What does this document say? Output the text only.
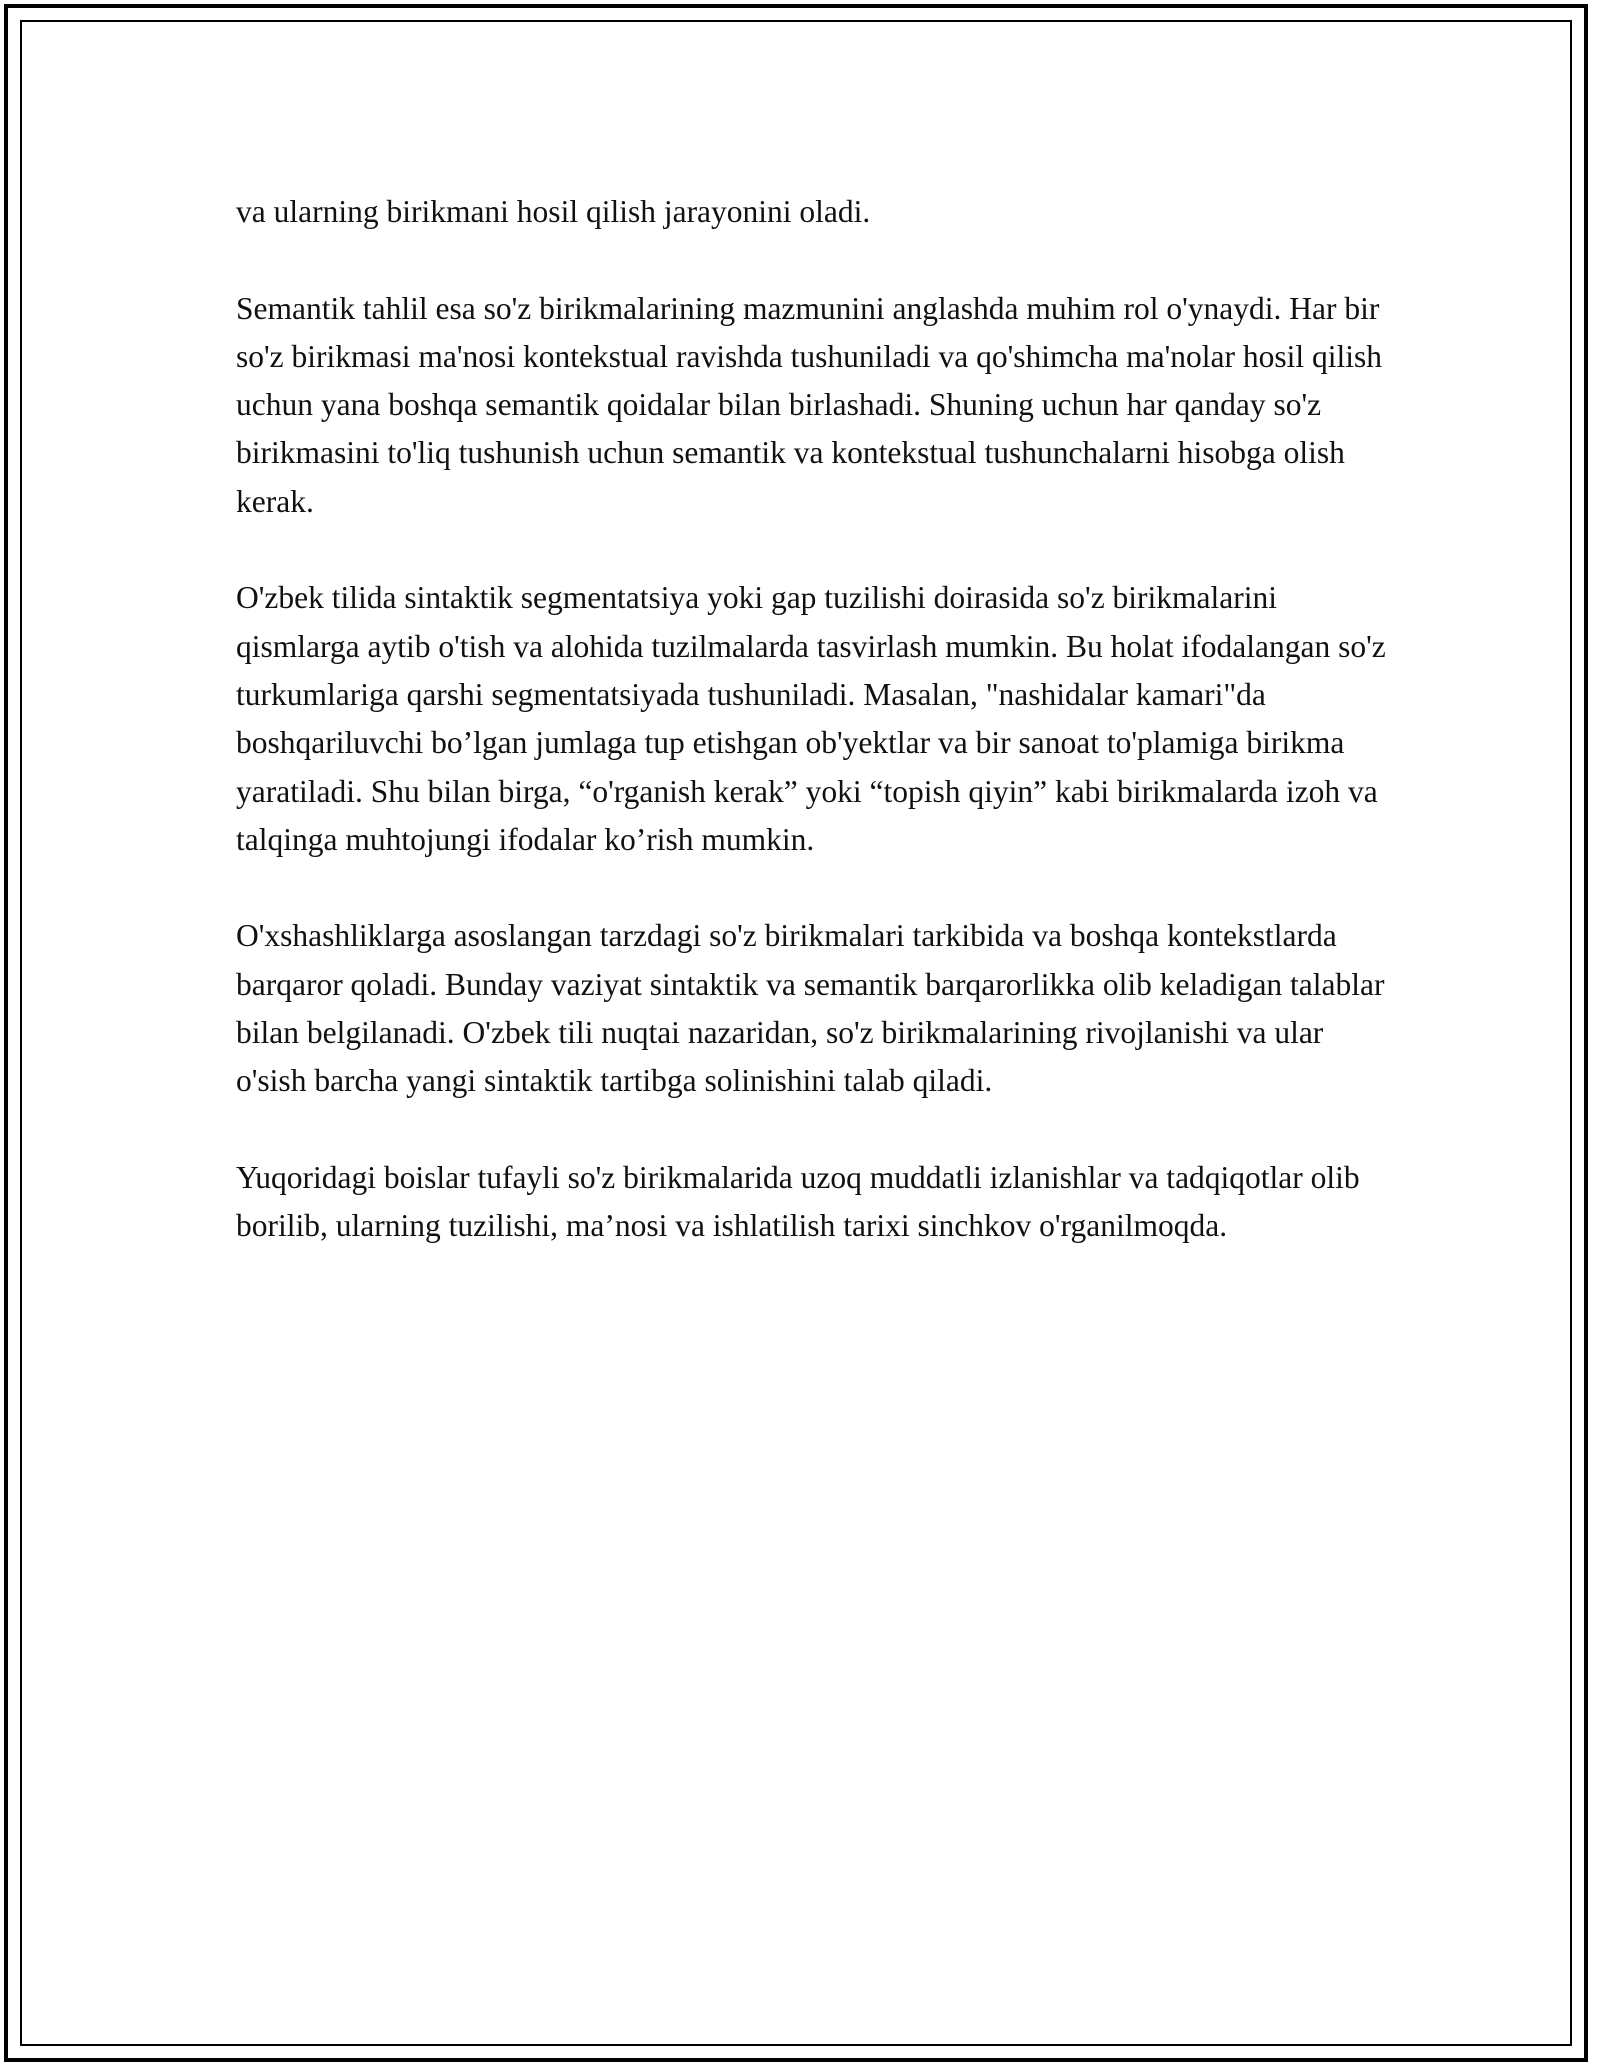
va ularning birikmani hosil qilish jarayonini oladi.

Semantik tahlil esa so'z birikmalarining mazmunini anglashda muhim rol o'ynaydi. Har bir so'z birikmasi ma'nosi kontekstual ravishda tushuniladi va qo'shimcha ma'nolar hosil qilish uchun yana boshqa semantik qoidalar bilan birlashadi. Shuning uchun har qanday so'z birikmasini to'liq tushunish uchun semantik va kontekstual tushunchalarni hisobga olish kerak.

O'zbek tilida sintaktik segmentatsiya yoki gap tuzilishi doirasida so'z birikmalarini qismlarga aytib o'tish va alohida tuzilmalarda tasvirlash mumkin. Bu holat ifodalangan so'z turkumlariga qarshi segmentatsiyada tushuniladi. Masalan, "nashidalar kamari"da boshqariluvchi bo’lgan jumlaga tup etishgan ob'yektlar va bir sanoat to'plamiga birikma yaratiladi. Shu bilan birga, “o'rganish kerak” yoki “topish qiyin” kabi birikmalarda izoh va talqinga muhtojungi ifodalar ko’rish mumkin.

O'xshashliklarga asoslangan tarzdagi so'z birikmalari tarkibida va boshqa kontekstlarda barqaror qoladi. Bunday vaziyat sintaktik va semantik barqarorlikka olib keladigan talablar bilan belgilanadi. O'zbek tili nuqtai nazaridan, so'z birikmalarining rivojlanishi va ular o'sish barcha yangi sintaktik tartibga solinishini talab qiladi.

Yuqoridagi boislar tufayli so'z birikmalarida uzoq muddatli izlanishlar va tadqiqotlar olib borilib, ularning tuzilishi, ma’nosi va ishlatilish tarixi sinchkov o'rganilmoqda.
